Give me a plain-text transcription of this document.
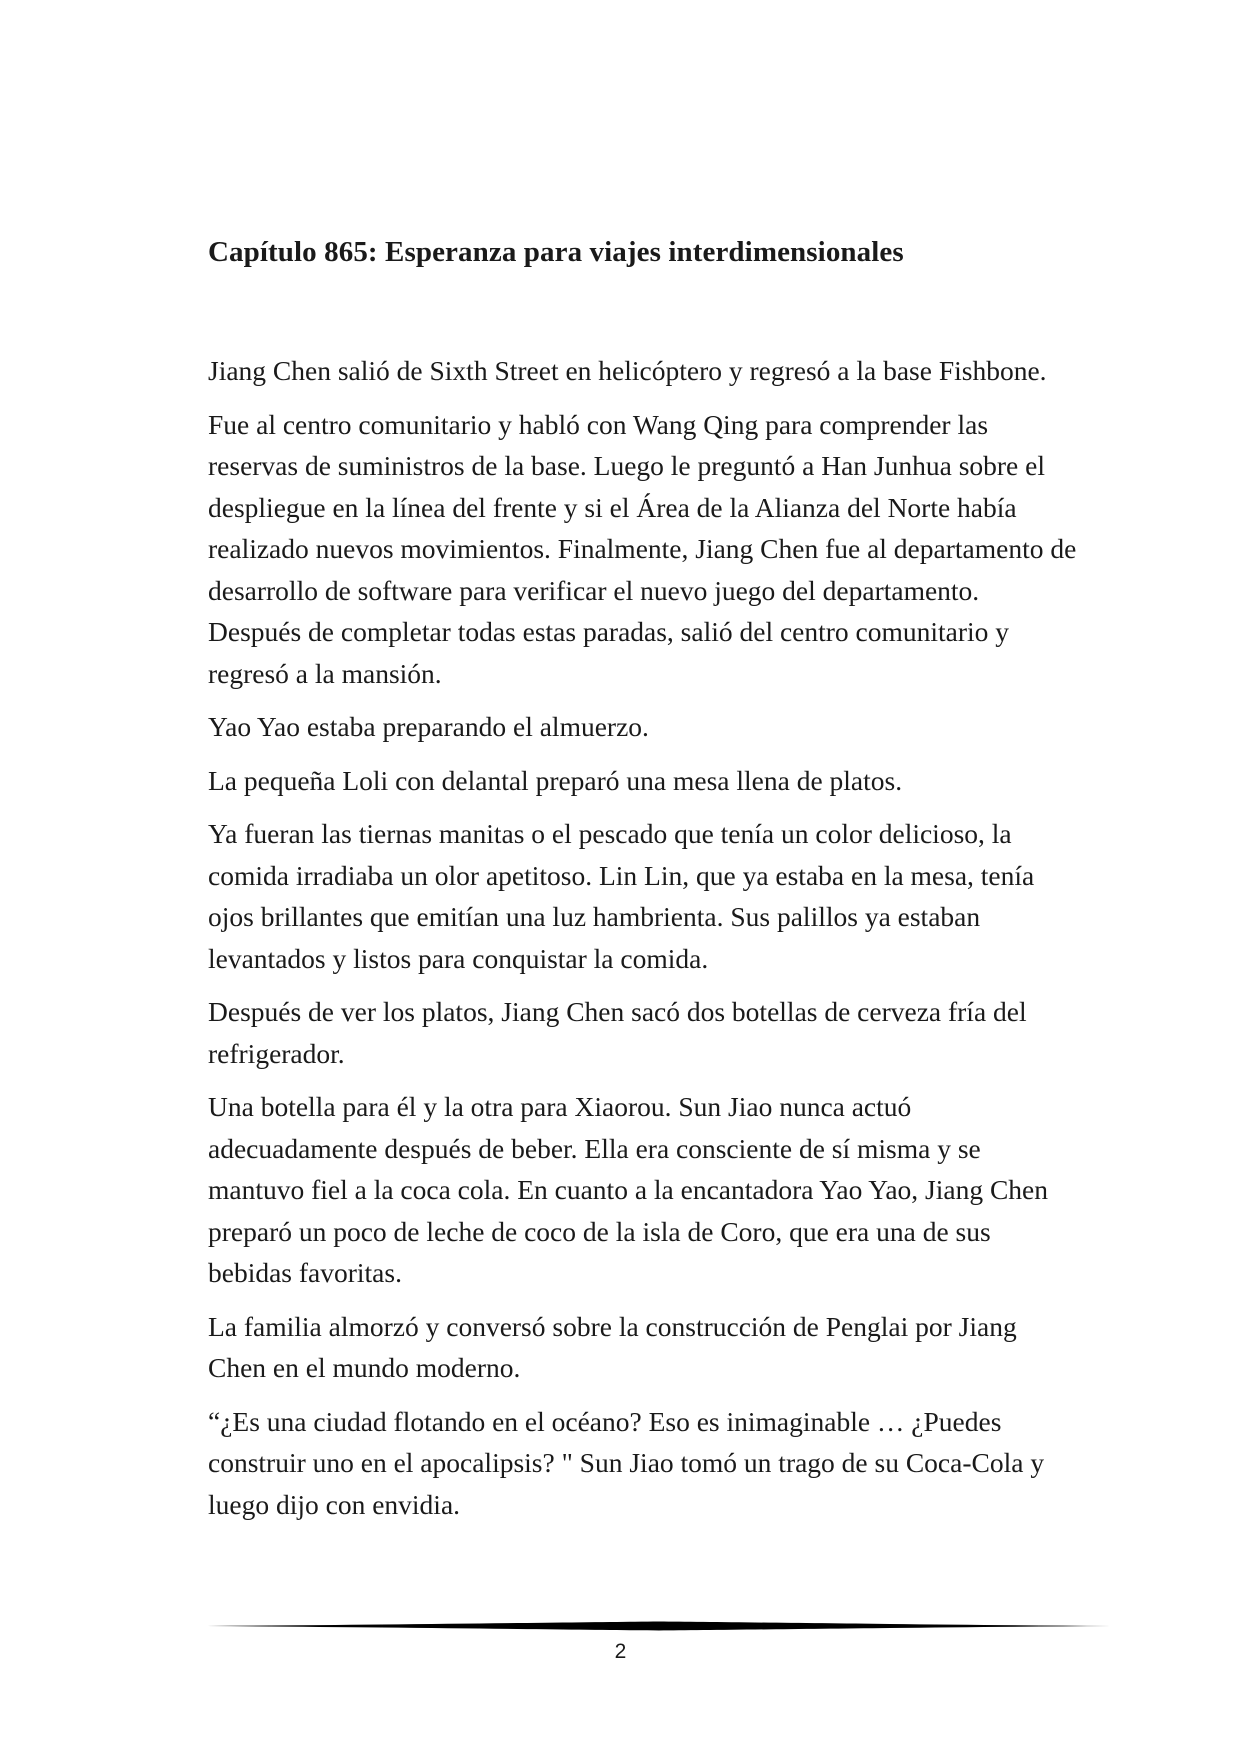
Capítulo 865: Esperanza para viajes interdimensionales

Jiang Chen salió de Sixth Street en helicóptero y regresó a la base Fishbone.

Fue al centro comunitario y habló con Wang Qing para comprender las reservas de suministros de la base. Luego le preguntó a Han Junhua sobre el despliegue en la línea del frente y si el Área de la Alianza del Norte había realizado nuevos movimientos. Finalmente, Jiang Chen fue al departamento de desarrollo de software para verificar el nuevo juego del departamento. Después de completar todas estas paradas, salió del centro comunitario y regresó a la mansión.

Yao Yao estaba preparando el almuerzo.

La pequeña Loli con delantal preparó una mesa llena de platos.

Ya fueran las tiernas manitas o el pescado que tenía un color delicioso, la comida irradiaba un olor apetitoso. Lin Lin, que ya estaba en la mesa, tenía ojos brillantes que emitían una luz hambrienta. Sus palillos ya estaban levantados y listos para conquistar la comida.

Después de ver los platos, Jiang Chen sacó dos botellas de cerveza fría del refrigerador.

Una botella para él y la otra para Xiaorou. Sun Jiao nunca actuó adecuadamente después de beber. Ella era consciente de sí misma y se mantuvo fiel a la coca cola. En cuanto a la encantadora Yao Yao, Jiang Chen preparó un poco de leche de coco de la isla de Coro, que era una de sus bebidas favoritas.

La familia almorzó y conversó sobre la construcción de Penglai por Jiang Chen en el mundo moderno.

“¿Es una ciudad flotando en el océano? Eso es inimaginable … ¿Puedes construir uno en el apocalipsis? " Sun Jiao tomó un trago de su Coca-Cola y luego dijo con envidia.

2
